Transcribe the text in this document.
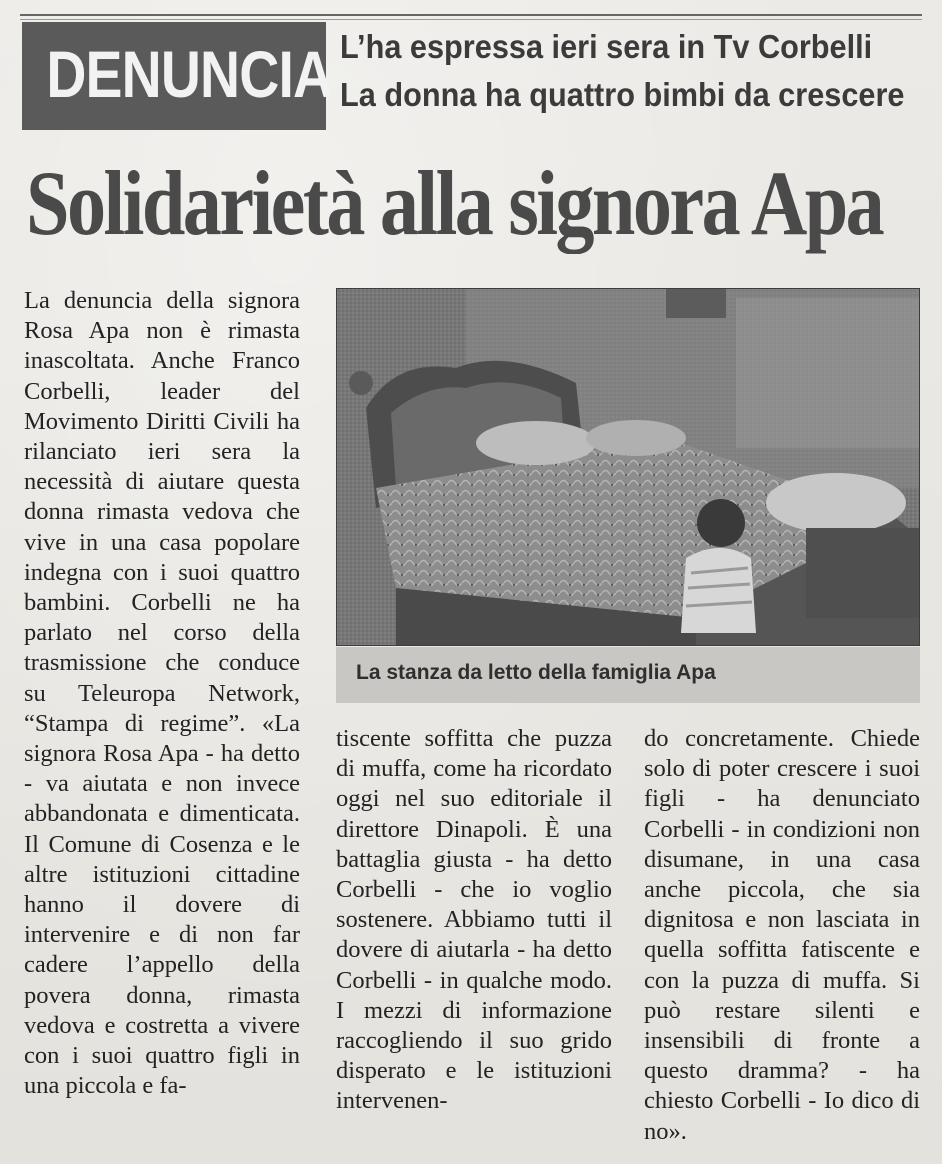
DENUNCIA L’ha espressa ieri sera in Tv Corbelli
La donna ha quattro bimbi da crescere
Solidarietà alla signora Apa
La denuncia della signora Rosa Apa non è rimasta inascoltata. Anche Franco Corbelli, leader del Movimento Diritti Civili ha rilanciato ieri sera la necessità di aiutare questa donna rimasta vedova che vive in una casa popolare indegna con i suoi quattro bambini. Corbelli ne ha parlato nel corso della trasmissione che conduce su Teleuropa Network, “Stampa di regime”. «La signora Rosa Apa - ha detto - va aiutata e non invece abbandonata e dimenticata. Il Comune di Cosenza e le altre istituzioni cittadine hanno il dovere di intervenire e di non far cadere l’appello della povera donna, rimasta vedova e costretta a vivere con i suoi quattro figli in una piccola e fa-
La stanza da letto della famiglia Apa
tiscente soffitta che puzza di muffa, come ha ricordato oggi nel suo editoriale il direttore Dinapoli. È una battaglia giusta - ha detto Corbelli - che io voglio sostenere. Abbiamo tutti il dovere di aiutarla - ha detto Corbelli - in qualche modo. I mezzi di informazione raccogliendo il suo grido disperato e le istituzioni intervenen-
do concretamente. Chiede solo di poter crescere i suoi figli - ha denunciato Corbelli - in condizioni non disumane, in una casa anche piccola, che sia dignitosa e non lasciata in quella soffitta fatiscente e con la puzza di muffa. Si può restare silenti e insensibili di fronte a questo dramma? - ha chiesto Corbelli - Io dico di no».
